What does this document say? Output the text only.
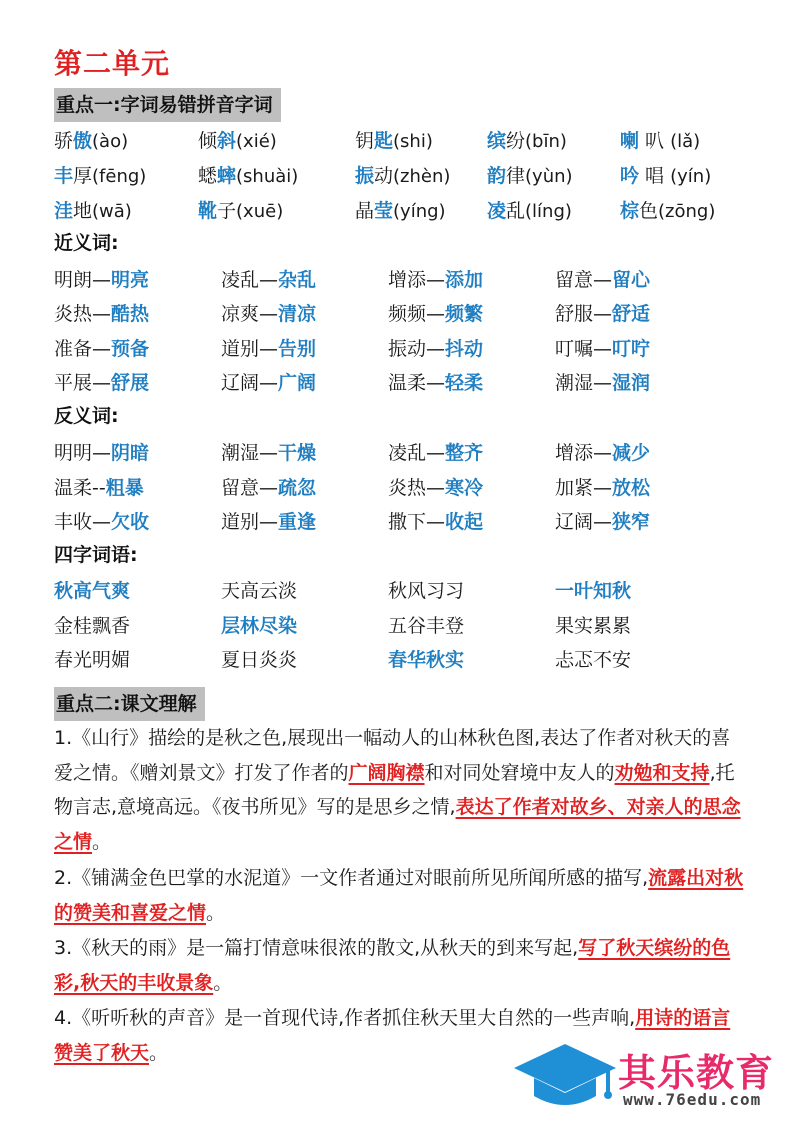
第二单元
重点一:字词易错拼音字词
骄傲(ào)	倾斜(xié)	钥匙(shi)	缤纷(bīn)	喇 叭 (lǎ)
丰厚(fēng)	蟋蟀(shuài)	振动(zhèn) 韵律(yùn) 吟 唱 (yín)
洼地(wā)	靴子(xuē)	晶莹(yíng) 凌乱(líng)	棕色(zōng)
近义词:
明朗—明亮	凌乱—杂乱	增添—添加	留意—留心
炎热—酷热	凉爽—清凉	频频—频繁	舒服—舒适
准备—预备	道别—告别	振动—抖动	叮嘱—叮咛
平展—舒展	辽阔—广阔	温柔—轻柔	潮湿—湿润
反义词:
明明—阴暗	潮湿—干燥	凌乱—整齐	增添—减少
温柔--粗暴	留意—疏忽	炎热—寒冷	加紧—放松
丰收—欠收	道别—重逢	撒下—收起	辽阔—狭窄
四字词语:
秋高气爽	天高云淡	秋风习习	一叶知秋
金桂飘香	层林尽染	五谷丰登	果实累累
春光明媚	夏日炎炎	春华秋实	忐忑不安
重点二:课文理解

1.《山行》描绘的是秋之色,展现出一幅动人的山林秋色图,表达了作者对秋天的喜爱之情。《赠刘景文》打发了作者的广阔胸襟和对同处窘境中友人的劝勉和支持,托物言志,意境高远。《夜书所见》写的是思乡之情,表达了作者对故乡、对亲人的思念之情。

2.《铺满金色巴掌的水泥道》一文作者通过对眼前所见所闻所感的描写,流露出对秋的赞美和喜爱之情。

3.《秋天的雨》是一篇打情意味很浓的散文,从秋天的到来写起,写了秋天缤纷的色彩,秋天的丰收景象。

4.《听听秋的声音》是一首现代诗,作者抓住秋天里大自然的一些声响,用诗的语言赞美了秋天。	其乐教育
www.76edu.com
